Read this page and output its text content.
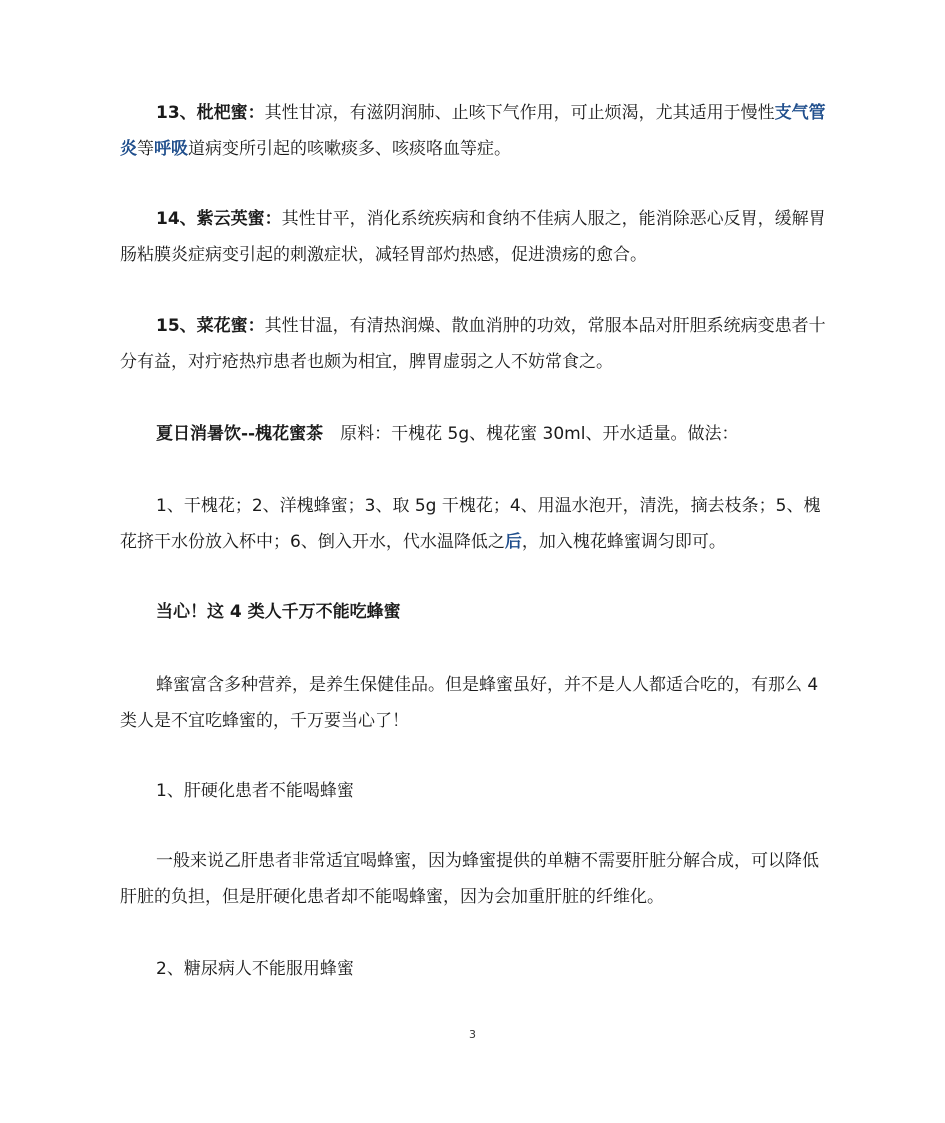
13、枇杷蜜：其性甘凉，有滋阴润肺、止咳下气作用，可止烦渴，尤其适用于慢性支气管炎等呼吸道病变所引起的咳嗽痰多、咳痰咯血等症。

14、紫云英蜜：其性甘平，消化系统疾病和食纳不佳病人服之，能消除恶心反胃，缓解胃肠粘膜炎症病变引起的刺激症状，减轻胃部灼热感，促进溃疡的愈合。

15、菜花蜜：其性甘温，有清热润燥、散血消肿的功效，常服本品对肝胆系统病变患者十分有益，对疔疮热疖患者也颇为相宜，脾胃虚弱之人不妨常食之。

夏日消暑饮--槐花蜜茶　原料：干槐花 5g、槐花蜜 30ml、开水适量。做法：

1、干槐花；2、洋槐蜂蜜；3、取 5g 干槐花；4、用温水泡开，清洗，摘去枝条；5、槐花挤干水份放入杯中；6、倒入开水，代水温降低之后，加入槐花蜂蜜调匀即可。

当心！这 4 类人千万不能吃蜂蜜

蜂蜜富含多种营养，是养生保健佳品。但是蜂蜜虽好，并不是人人都适合吃的，有那么 4 类人是不宜吃蜂蜜的，千万要当心了！

1、肝硬化患者不能喝蜂蜜

一般来说乙肝患者非常适宜喝蜂蜜，因为蜂蜜提供的单糖不需要肝脏分解合成，可以降低肝脏的负担，但是肝硬化患者却不能喝蜂蜜，因为会加重肝脏的纤维化。

2、糖尿病人不能服用蜂蜜

3
